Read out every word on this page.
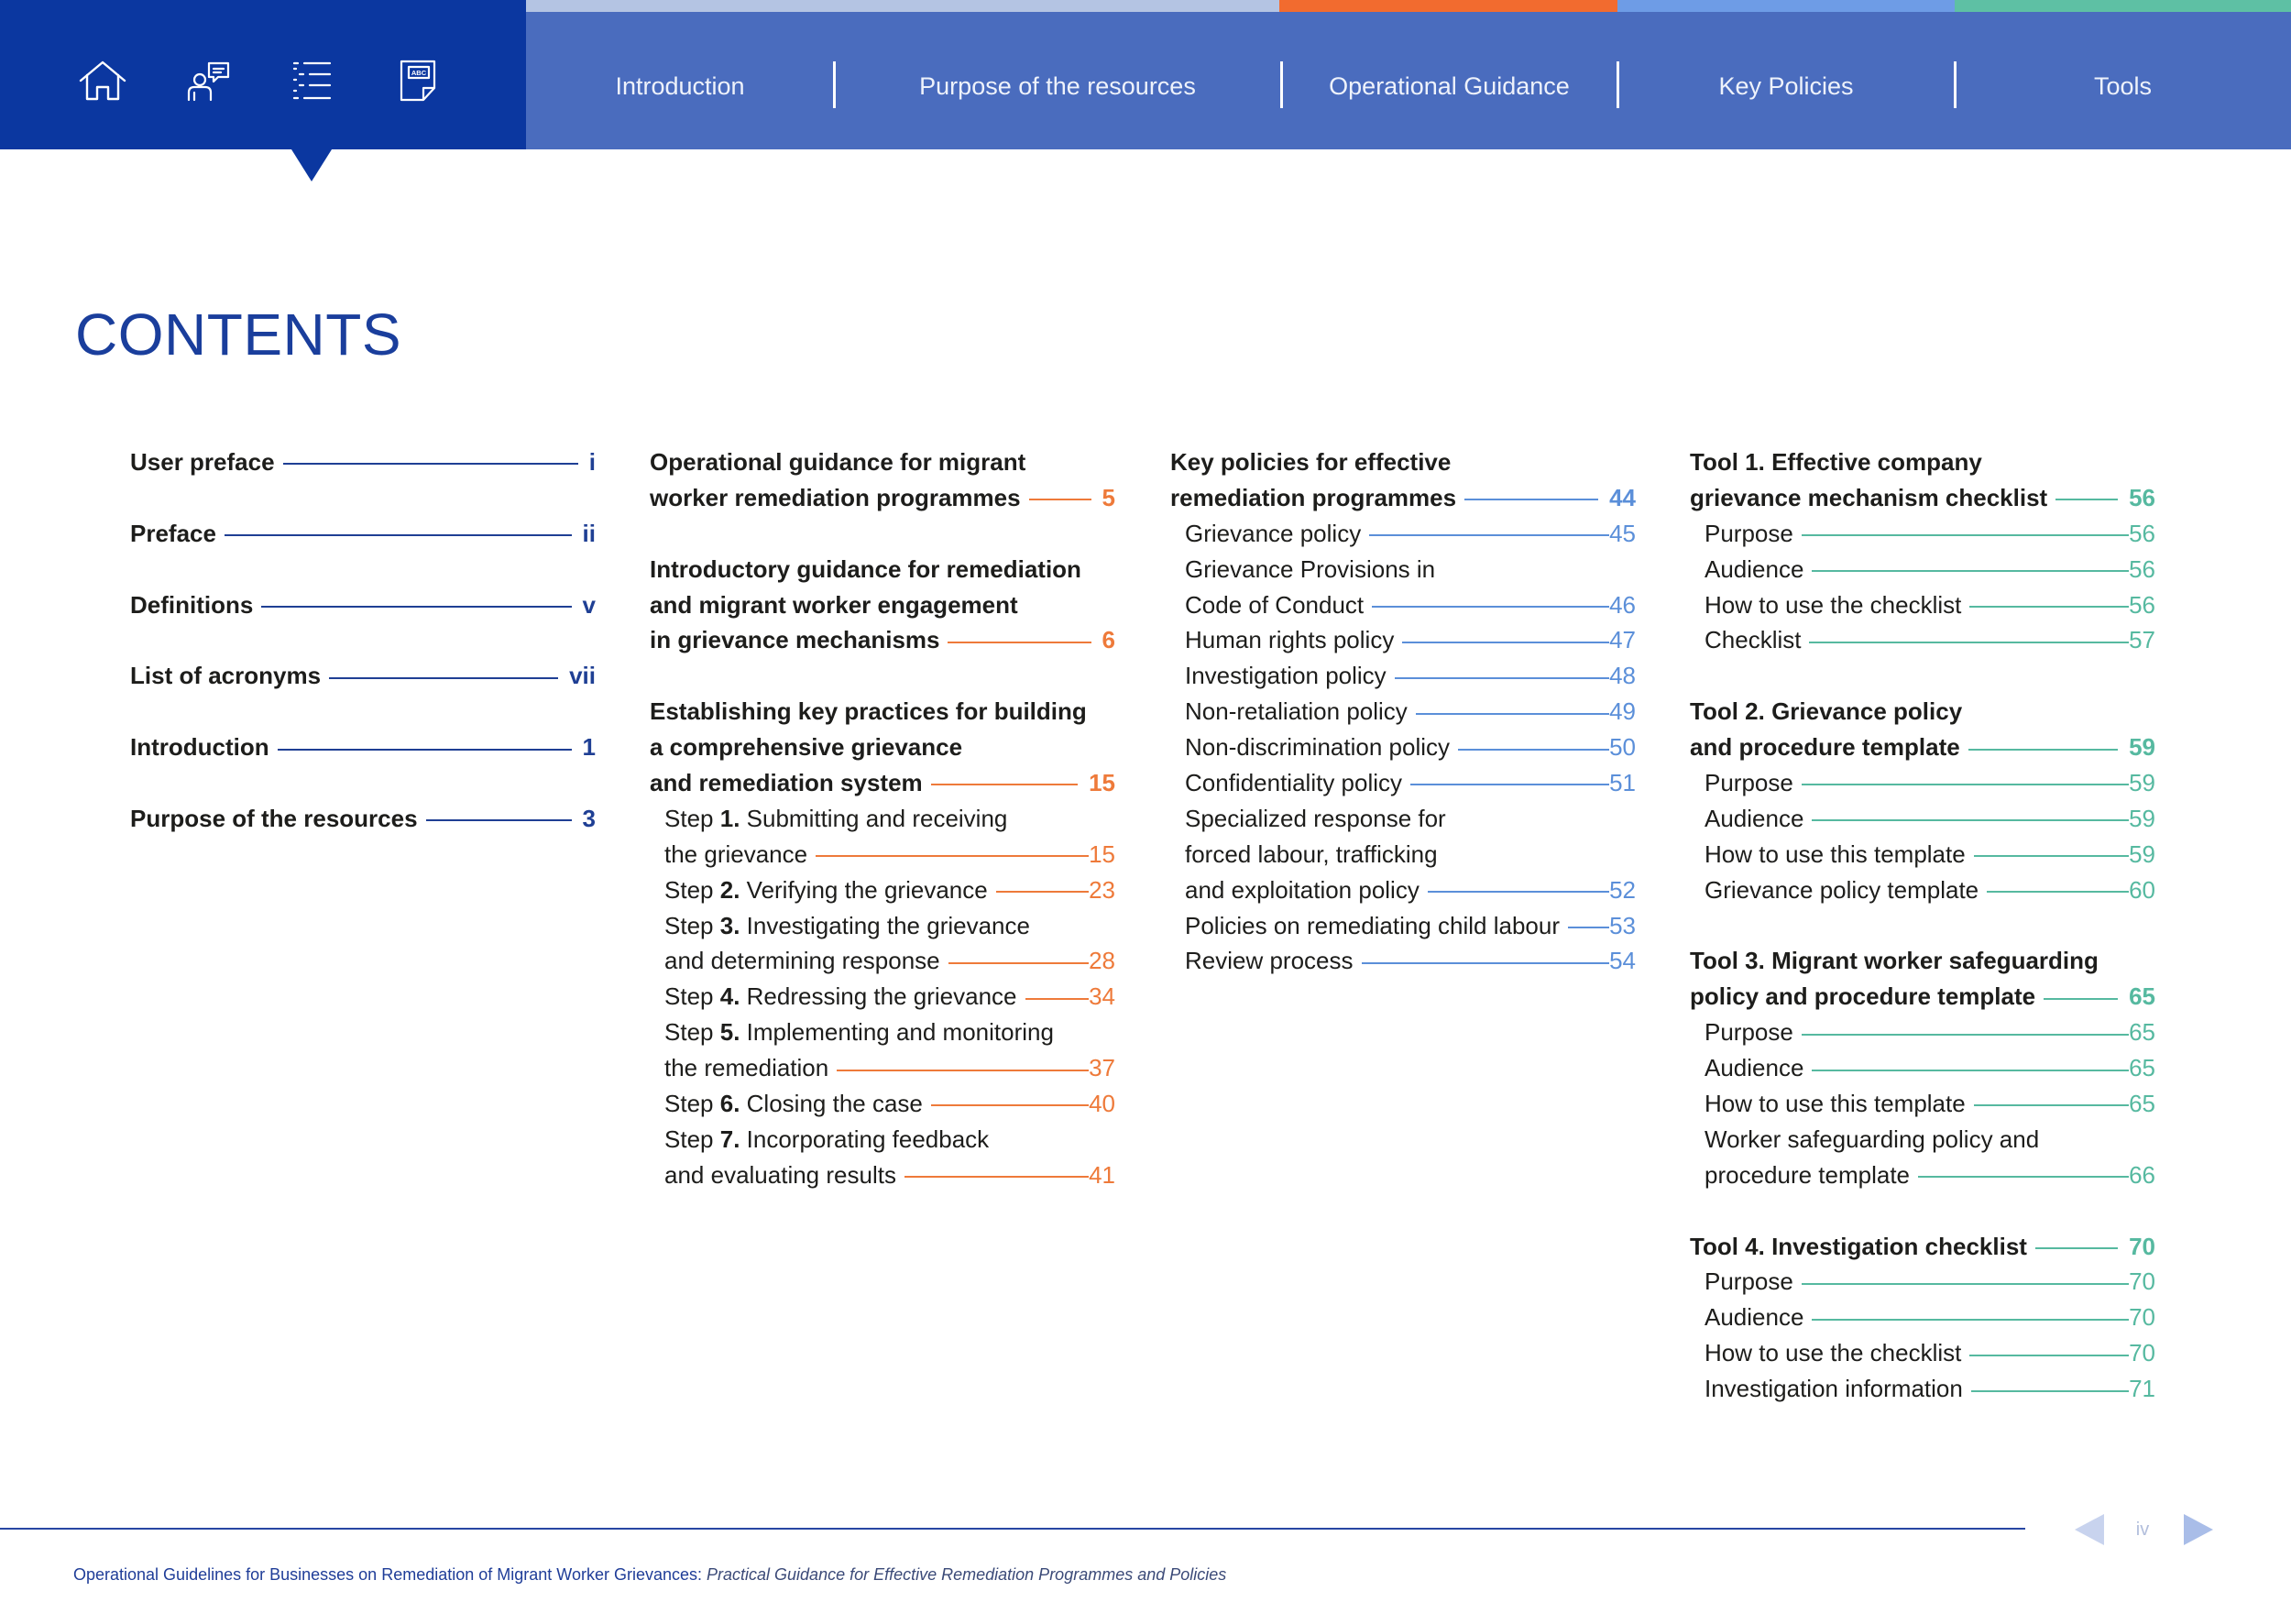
ABC	Introduction	Purpose of the resources	Operational Guidance	Key Policies	Tools
CONTENTS
User preface	i
Preface	ii
Definitions	v
List of acronyms	vii
Introduction	1
Purpose of the resources	3
Operational guidance for migrant
worker remediation programmes	5
Introductory guidance for remediation
and migrant worker engagement
in grievance mechanisms	6
Establishing key practices for building
a comprehensive grievance
and remediation system	15
Step 1. Submitting and receiving
the grievance	15
Step 2. Verifying the grievance	23
Step 3. Investigating the grievance
and determining response	28
Step 4. Redressing the grievance	34
Step 5. Implementing and monitoring
the remediation	37
Step 6. Closing the case	40
Step 7. Incorporating feedback
and evaluating results	41
Key policies for effective
remediation programmes	44
Grievance policy	45
Grievance Provisions in
Code of Conduct	46
Human rights policy	47
Investigation policy	48
Non-retaliation policy	49
Non-discrimination policy	50
Confidentiality policy	51
Specialized response for
forced labour, trafficking
and exploitation policy	52
Policies on remediating child labour 53
Review process	54
Tool 1. Effective company
grievance mechanism checklist	56
Purpose	56
Audience	56
How to use the checklist	56
Checklist	57
Tool 2. Grievance policy
and procedure template	59
Purpose	59
Audience	59
How to use this template	59
Grievance policy template	60
Tool 3. Migrant worker safeguarding
policy and procedure template	65
Purpose	65
Audience	65
How to use this template	65
Worker safeguarding policy and
procedure template	66
Tool 4. Investigation checklist	70
Purpose	70
Audience	70
How to use the checklist	70
Investigation information	71
Operational Guidelines for Businesses on Remediation of Migrant Worker Grievances: Practical Guidance for Effective Remediation Programmes and Policies
iv
